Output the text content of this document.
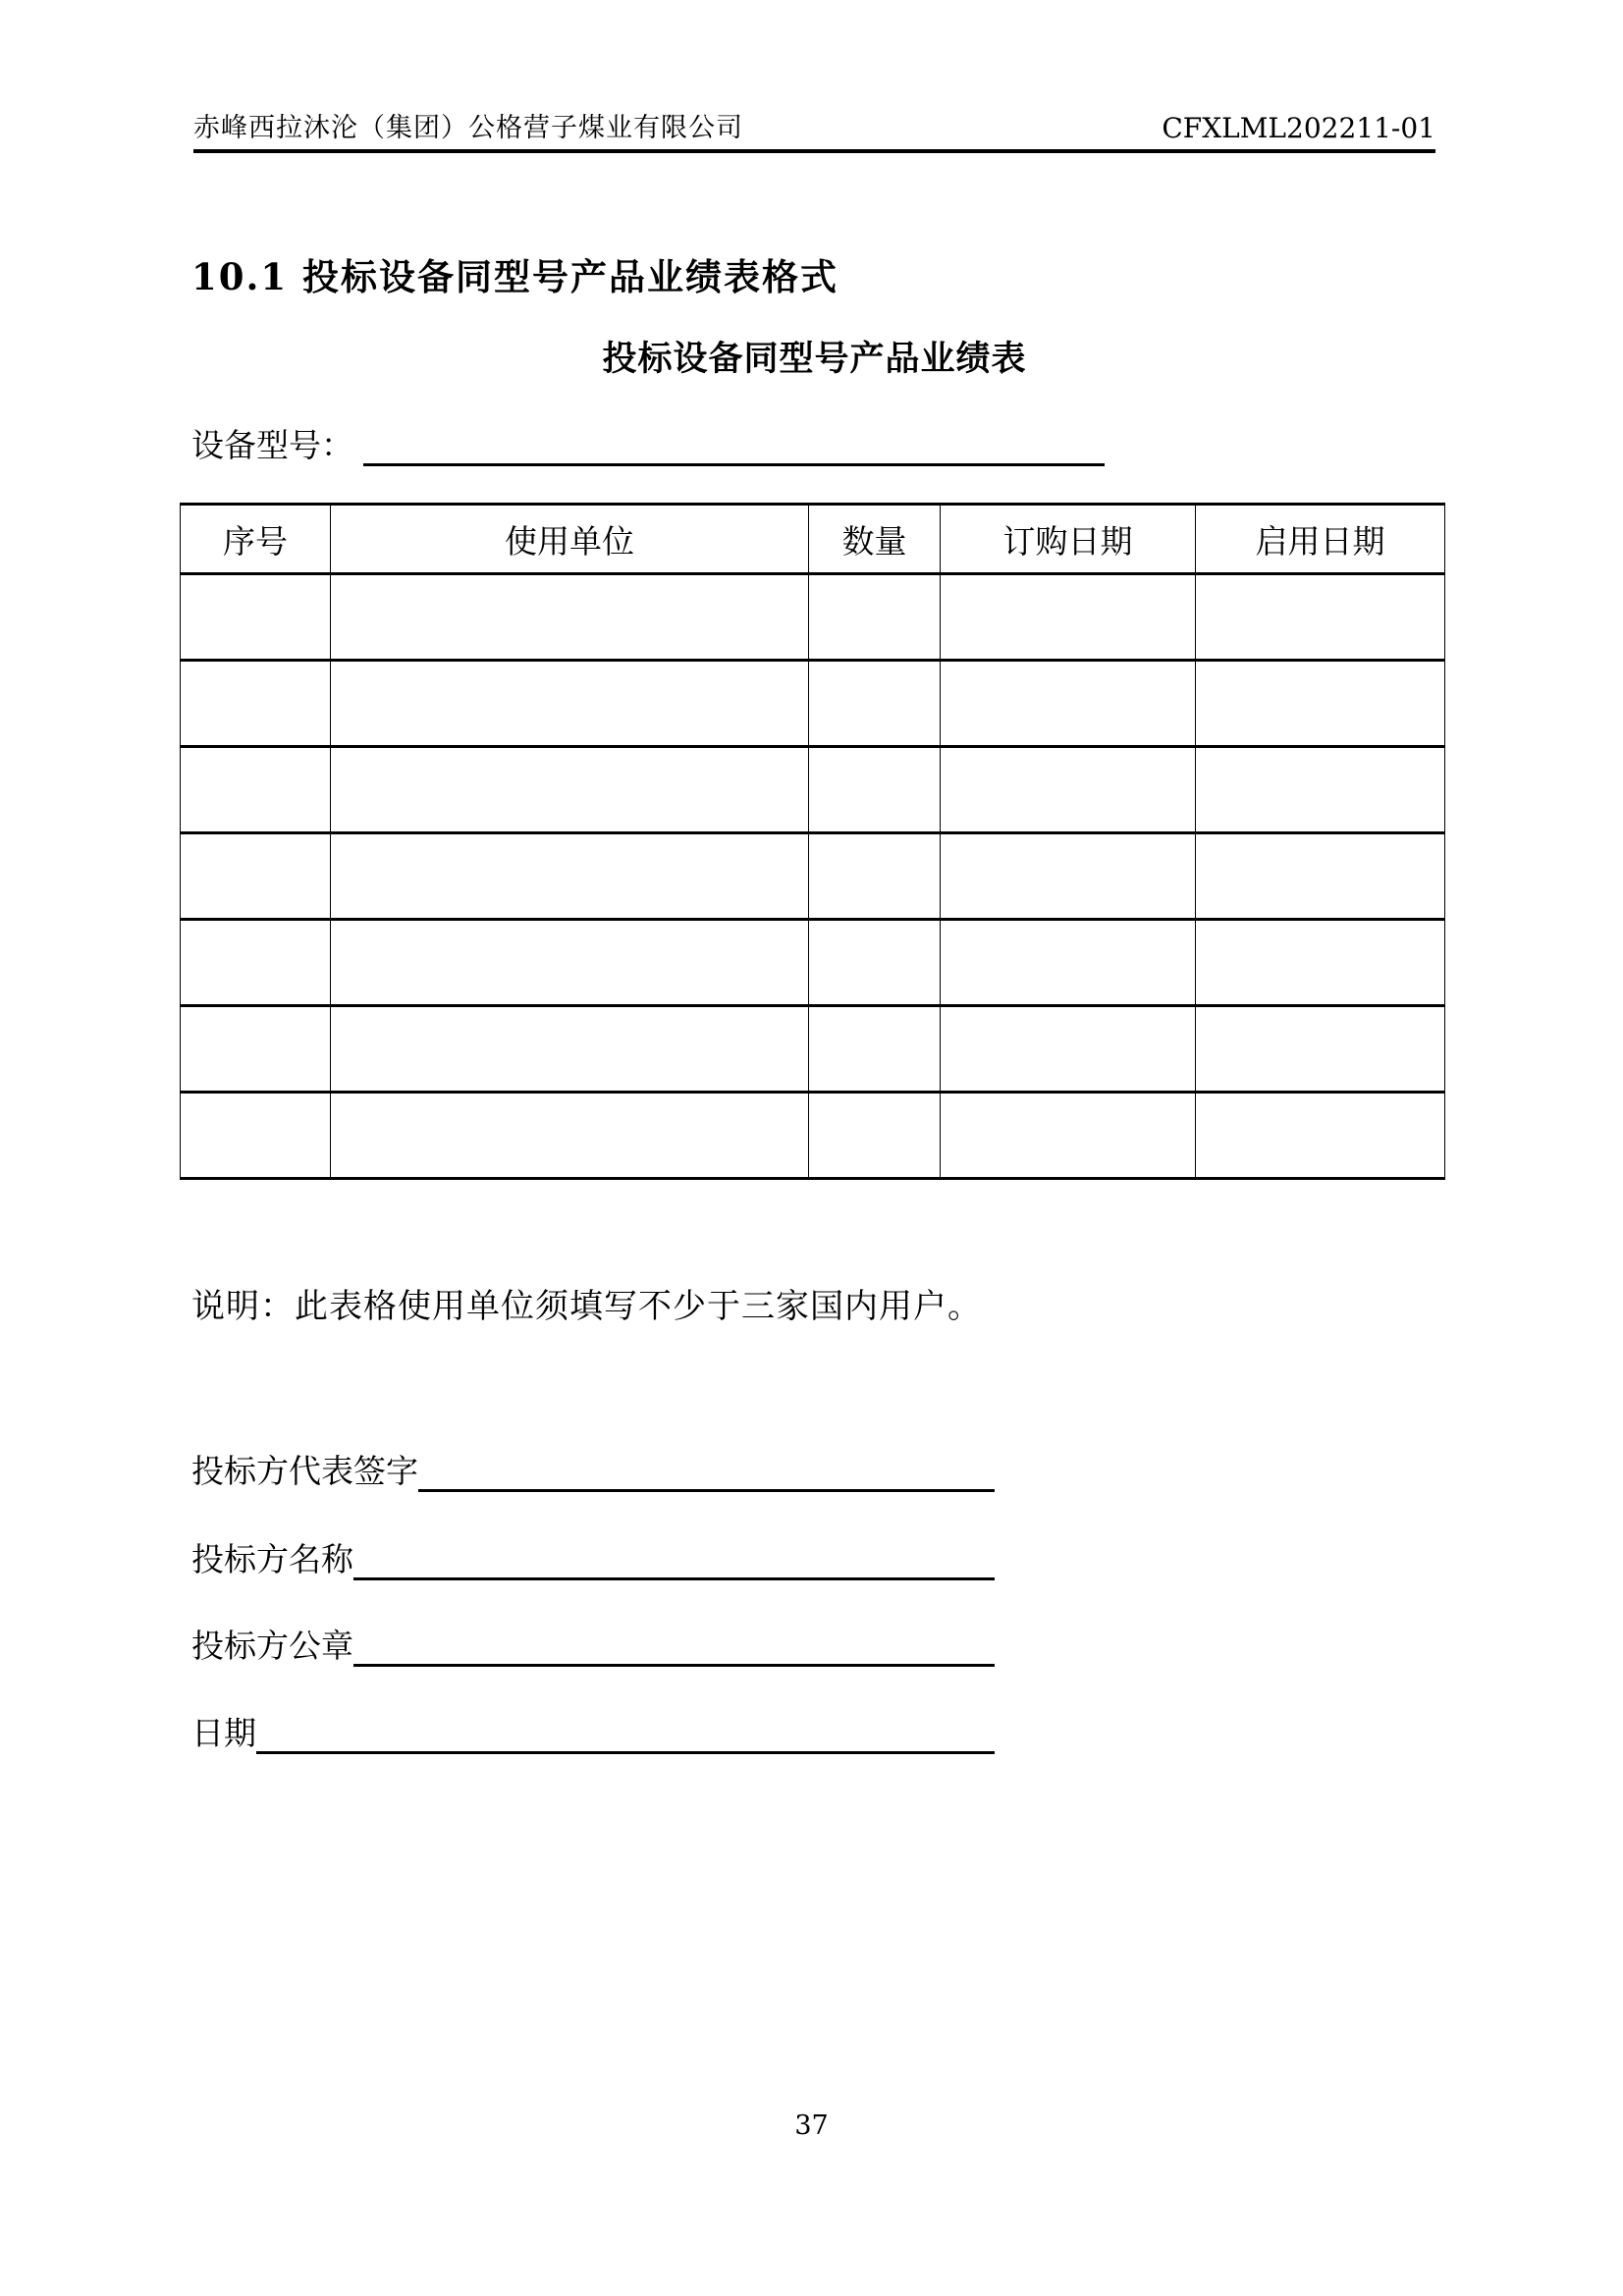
赤峰西拉沐沦（集团）公格营子煤业有限公司	CFXLML202211-01
10.1 投标设备同型号产品业绩表格式
投标设备同型号产品业绩表
设备型号：
序号	使用单位	数量	订购日期	启用日期

说明：此表格使用单位须填写不少于三家国内用户。
投标方代表签字
投标方名称
投标方公章
日期
37
